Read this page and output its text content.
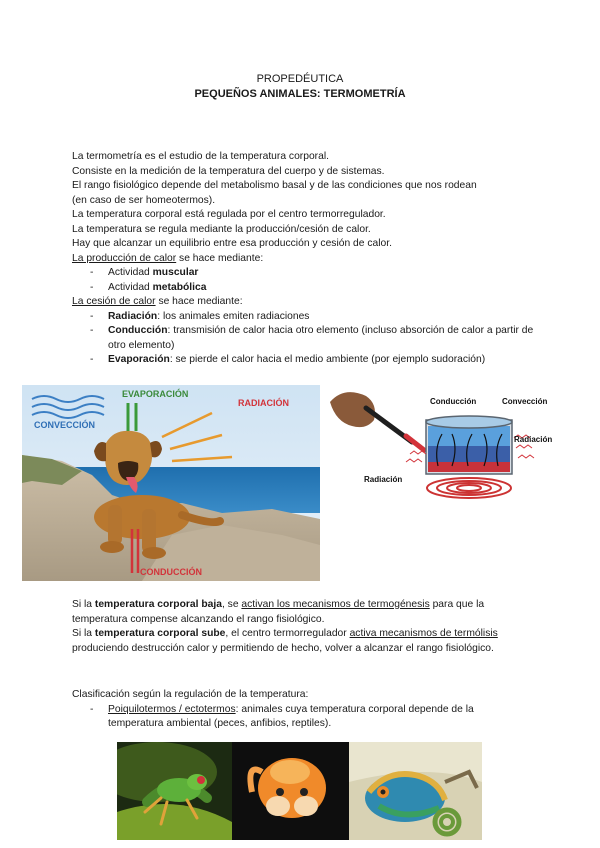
PROPEDÉUTICA
PEQUEÑOS ANIMALES: TERMOMETRÍA

La termometría es el estudio de la temperatura corporal.

Consiste en la medición de la temperatura del cuerpo y de sistemas.

El rango fisiológico depende del metabolismo basal y de las condiciones que nos rodean

(en caso de ser homeotermos).

La temperatura corporal está regulada por el centro termorregulador.

La temperatura se regula mediante la producción/cesión de calor.

Hay que alcanzar un equilibrio entre esa producción y cesión de calor.

La producción de calor se hace mediante:

- Actividad muscular
- Actividad metabólica

La cesión de calor se hace mediante:

- Radiación: los animales emiten radiaciones
- Conducción: transmisión de calor hacia otro elemento (incluso absorción de calor a partir de otro elemento)
- Evaporación: se pierde el calor hacia el medio ambiente (por ejemplo sudoración)
CONVECCIÓN
EVAPORACIÓN
RADIACIÓN
CONDUCCIÓN
Conducción	Convección
Radiación
Radiación

Si la temperatura corporal baja, se activan los mecanismos de termogénesis para que la temperatura compense alcanzando el rango fisiológico.

Si la temperatura corporal sube, el centro termorregulador activa mecanismos de termólisis produciendo destrucción calor y permitiendo de hecho, volver a alcanzar el rango fisiológico.

Clasificación según la regulación de la temperatura:

- Poiquilotermos / ectotermos: animales cuya temperatura corporal depende de la temperatura ambiental (peces, anfibios, reptiles).
